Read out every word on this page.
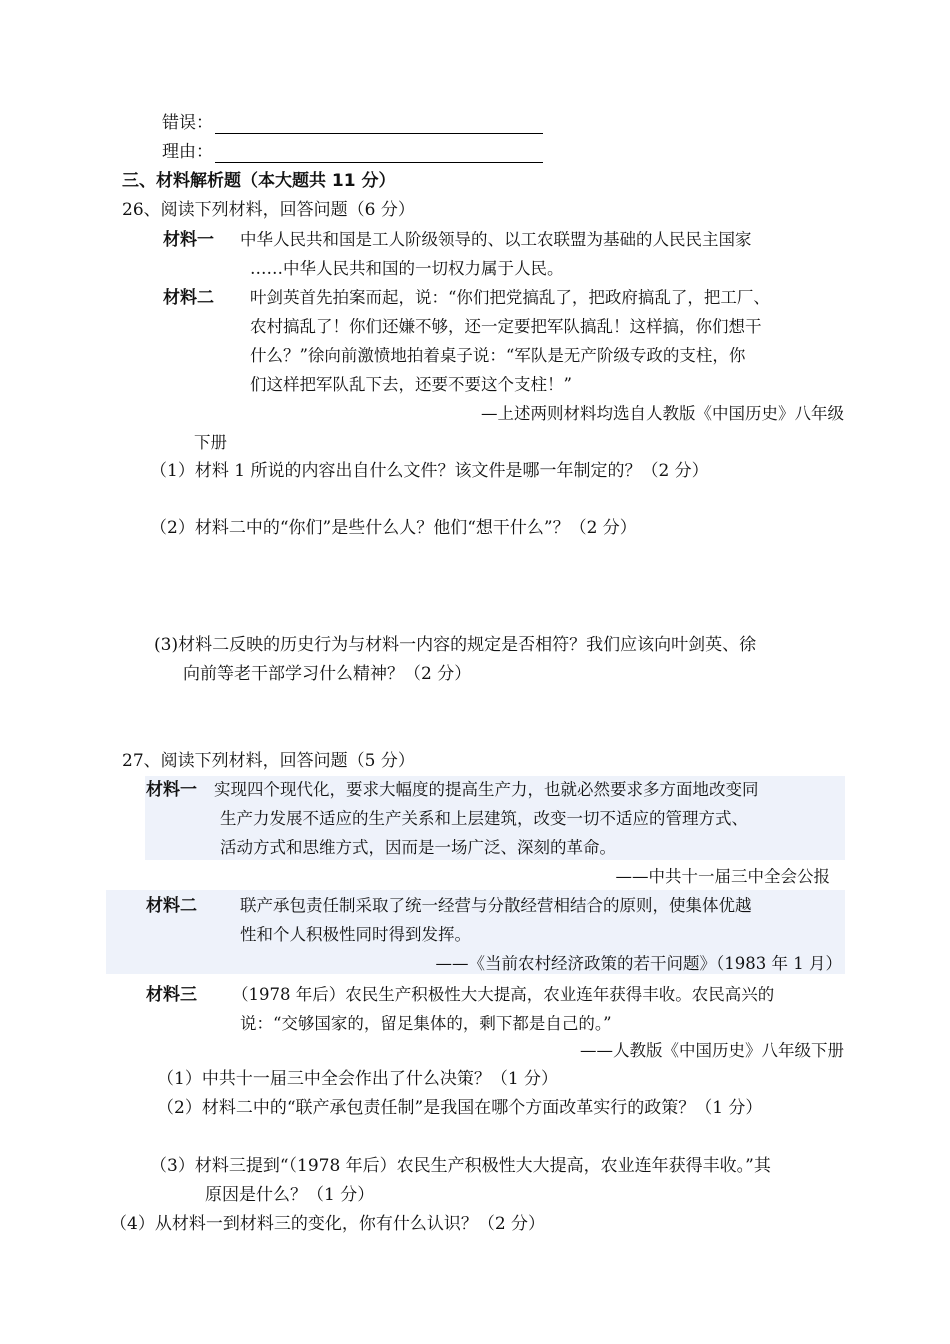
错误：
理由：
三、材料解析题（本大题共 11 分）
26、阅读下列材料，回答问题（6 分）
材料一 中华人民共和国是工人阶级领导的、以工农联盟为基础的人民民主国家
……中华人民共和国的一切权力属于人民。
材料二 叶剑英首先拍案而起，说：“你们把党搞乱了，把政府搞乱了，把工厂、
农村搞乱了！你们还嫌不够，还一定要把军队搞乱！这样搞，你们想干
什么？”徐向前激愤地拍着桌子说：“军队是无产阶级专政的支柱，你
们这样把军队乱下去，还要不要这个支柱！”
—上述两则材料均选自人教版《中国历史》八年级
下册
（1）材料 1 所说的内容出自什么文件？该文件是哪一年制定的？（2 分）
（2）材料二中的“你们”是些什么人？他们“想干什么”？（2 分）
(3)材料二反映的历史行为与材料一内容的规定是否相符？我们应该向叶剑英、徐
向前等老干部学习什么精神？（2 分）
27、阅读下列材料，回答问题（5 分）
材料一 实现四个现代化，要求大幅度的提高生产力，也就必然要求多方面地改变同
生产力发展不适应的生产关系和上层建筑，改变一切不适应的管理方式、
活动方式和思维方式，因而是一场广泛、深刻的革命。
——中共十一届三中全会公报
材料二	联产承包责任制采取了统一经营与分散经营相结合的原则，使集体优越
性和个人积极性同时得到发挥。
——《当前农村经济政策的若干问题》（1983 年 1 月）
材料三 （1978 年后）农民生产积极性大大提高，农业连年获得丰收。农民高兴的
说：“交够国家的，留足集体的，剩下都是自己的。”
——人教版《中国历史》八年级下册
（1）中共十一届三中全会作出了什么决策？（1 分）
（2）材料二中的“联产承包责任制”是我国在哪个方面改革实行的政策？（1 分）
（3）材料三提到“（1978 年后）农民生产积极性大大提高，农业连年获得丰收。”其
原因是什么？（1 分）
（4）从材料一到材料三的变化，你有什么认识？（2 分）
